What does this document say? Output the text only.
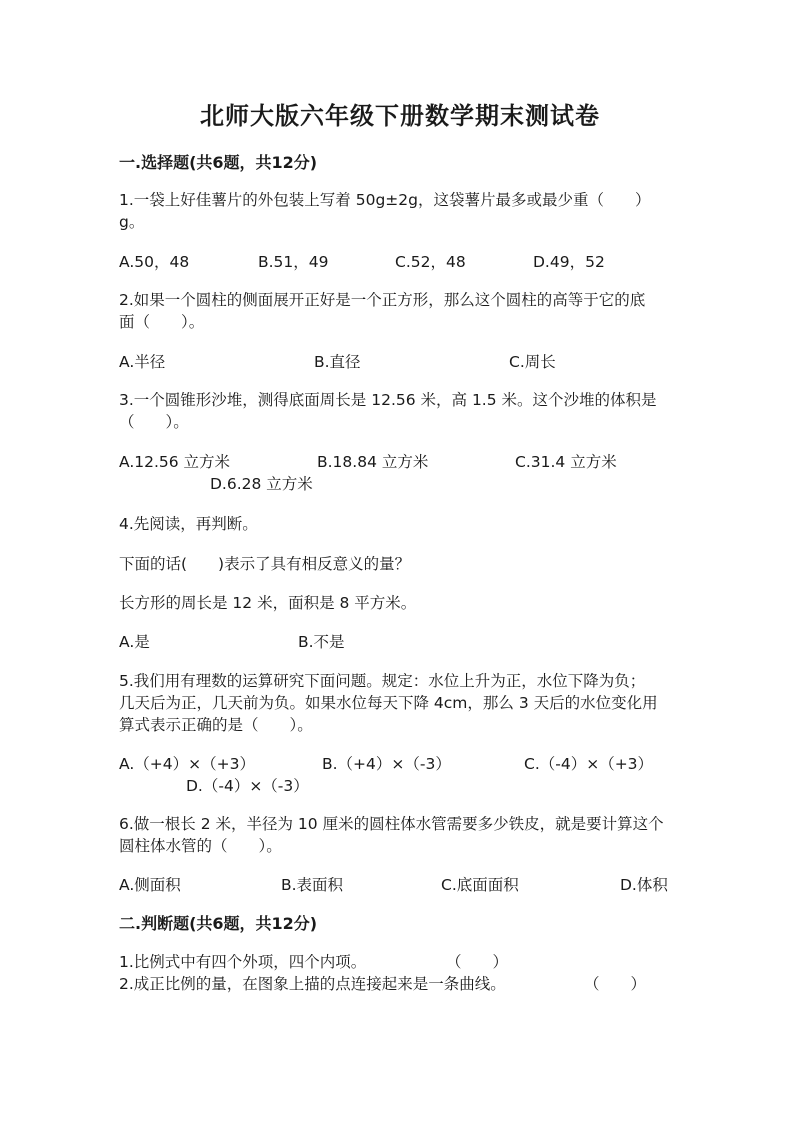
北师大版六年级下册数学期末测试卷
一.选择题(共6题，共12分)
1.一袋上好佳薯片的外包装上写着 50g±2g，这袋薯片最多或最少重（　　）
g。
A.50，48	B.51，49	C.52，48	D.49，52
2.如果一个圆柱的侧面展开正好是一个正方形，那么这个圆柱的高等于它的底
面（　　）。
A.半径	B.直径	C.周长
3.一个圆锥形沙堆，测得底面周长是 12.56 米，高 1.5 米。这个沙堆的体积是
（　　）。
A.12.56 立方米	B.18.84 立方米	C.31.4 立方米
D.6.28 立方米
4.先阅读，再判断。
下面的话(　　)表示了具有相反意义的量？
长方形的周长是 12 米，面积是 8 平方米。
A.是	B.不是
5.我们用有理数的运算研究下面问题。规定：水位上升为正，水位下降为负；
几天后为正，几天前为负。如果水位每天下降 4cm，那么 3 天后的水位变化用
算式表示正确的是（　　）。
A.（+4）×（+3）	B.（+4）×（-3）	C.（-4）×（+3）
D.（-4）×（-3）
6.做一根长 2 米，半径为 10 厘米的圆柱体水管需要多少铁皮，就是要计算这个
圆柱体水管的（　　）。
A.侧面积	B.表面积	C.底面面积	D.体积
二.判断题(共6题，共12分)
1.比例式中有四个外项，四个内项。	（　　）
2.成正比例的量，在图象上描的点连接起来是一条曲线。	（　　）
